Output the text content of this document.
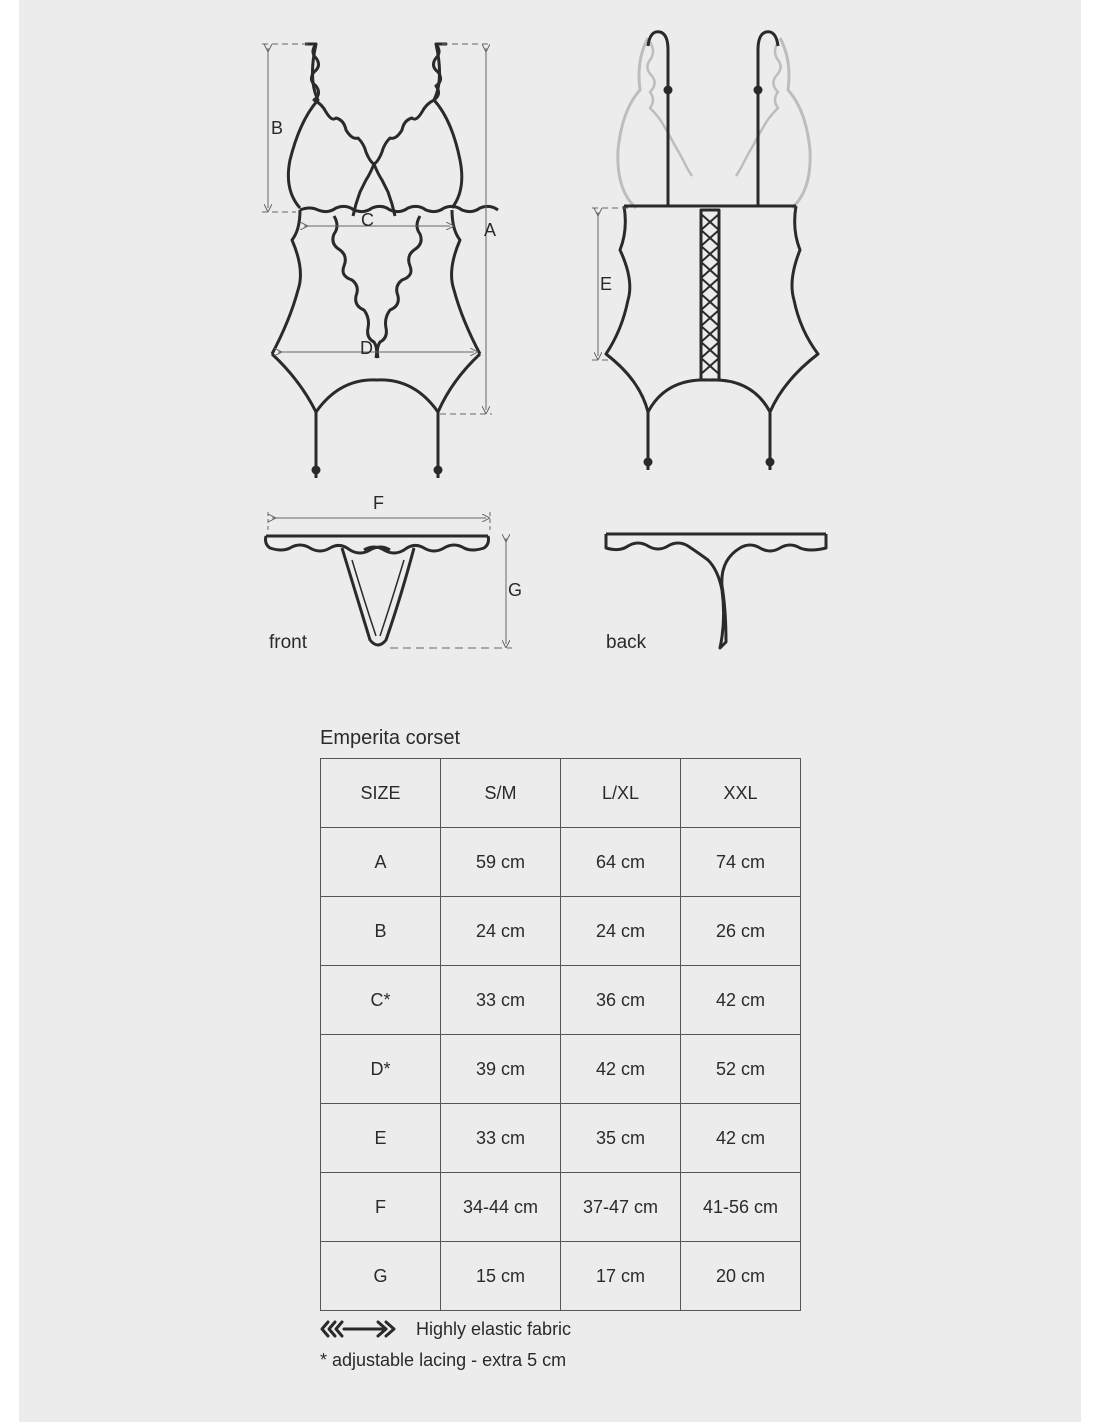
B
A
C
D
E
F
G
front	back
Emperita corset
SIZE	S/M	L/XL	XXL
A	59 cm	64 cm	74 cm
B	24 cm	24 cm	26 cm
C*	33 cm	36 cm	42 cm
D*	39 cm	42 cm	52 cm
E	33 cm	35 cm	42 cm
F	34-44 cm	37-47 cm	41-56 cm
G	15 cm	17 cm	20 cm
Highly elastic fabric
* adjustable lacing - extra 5 cm
